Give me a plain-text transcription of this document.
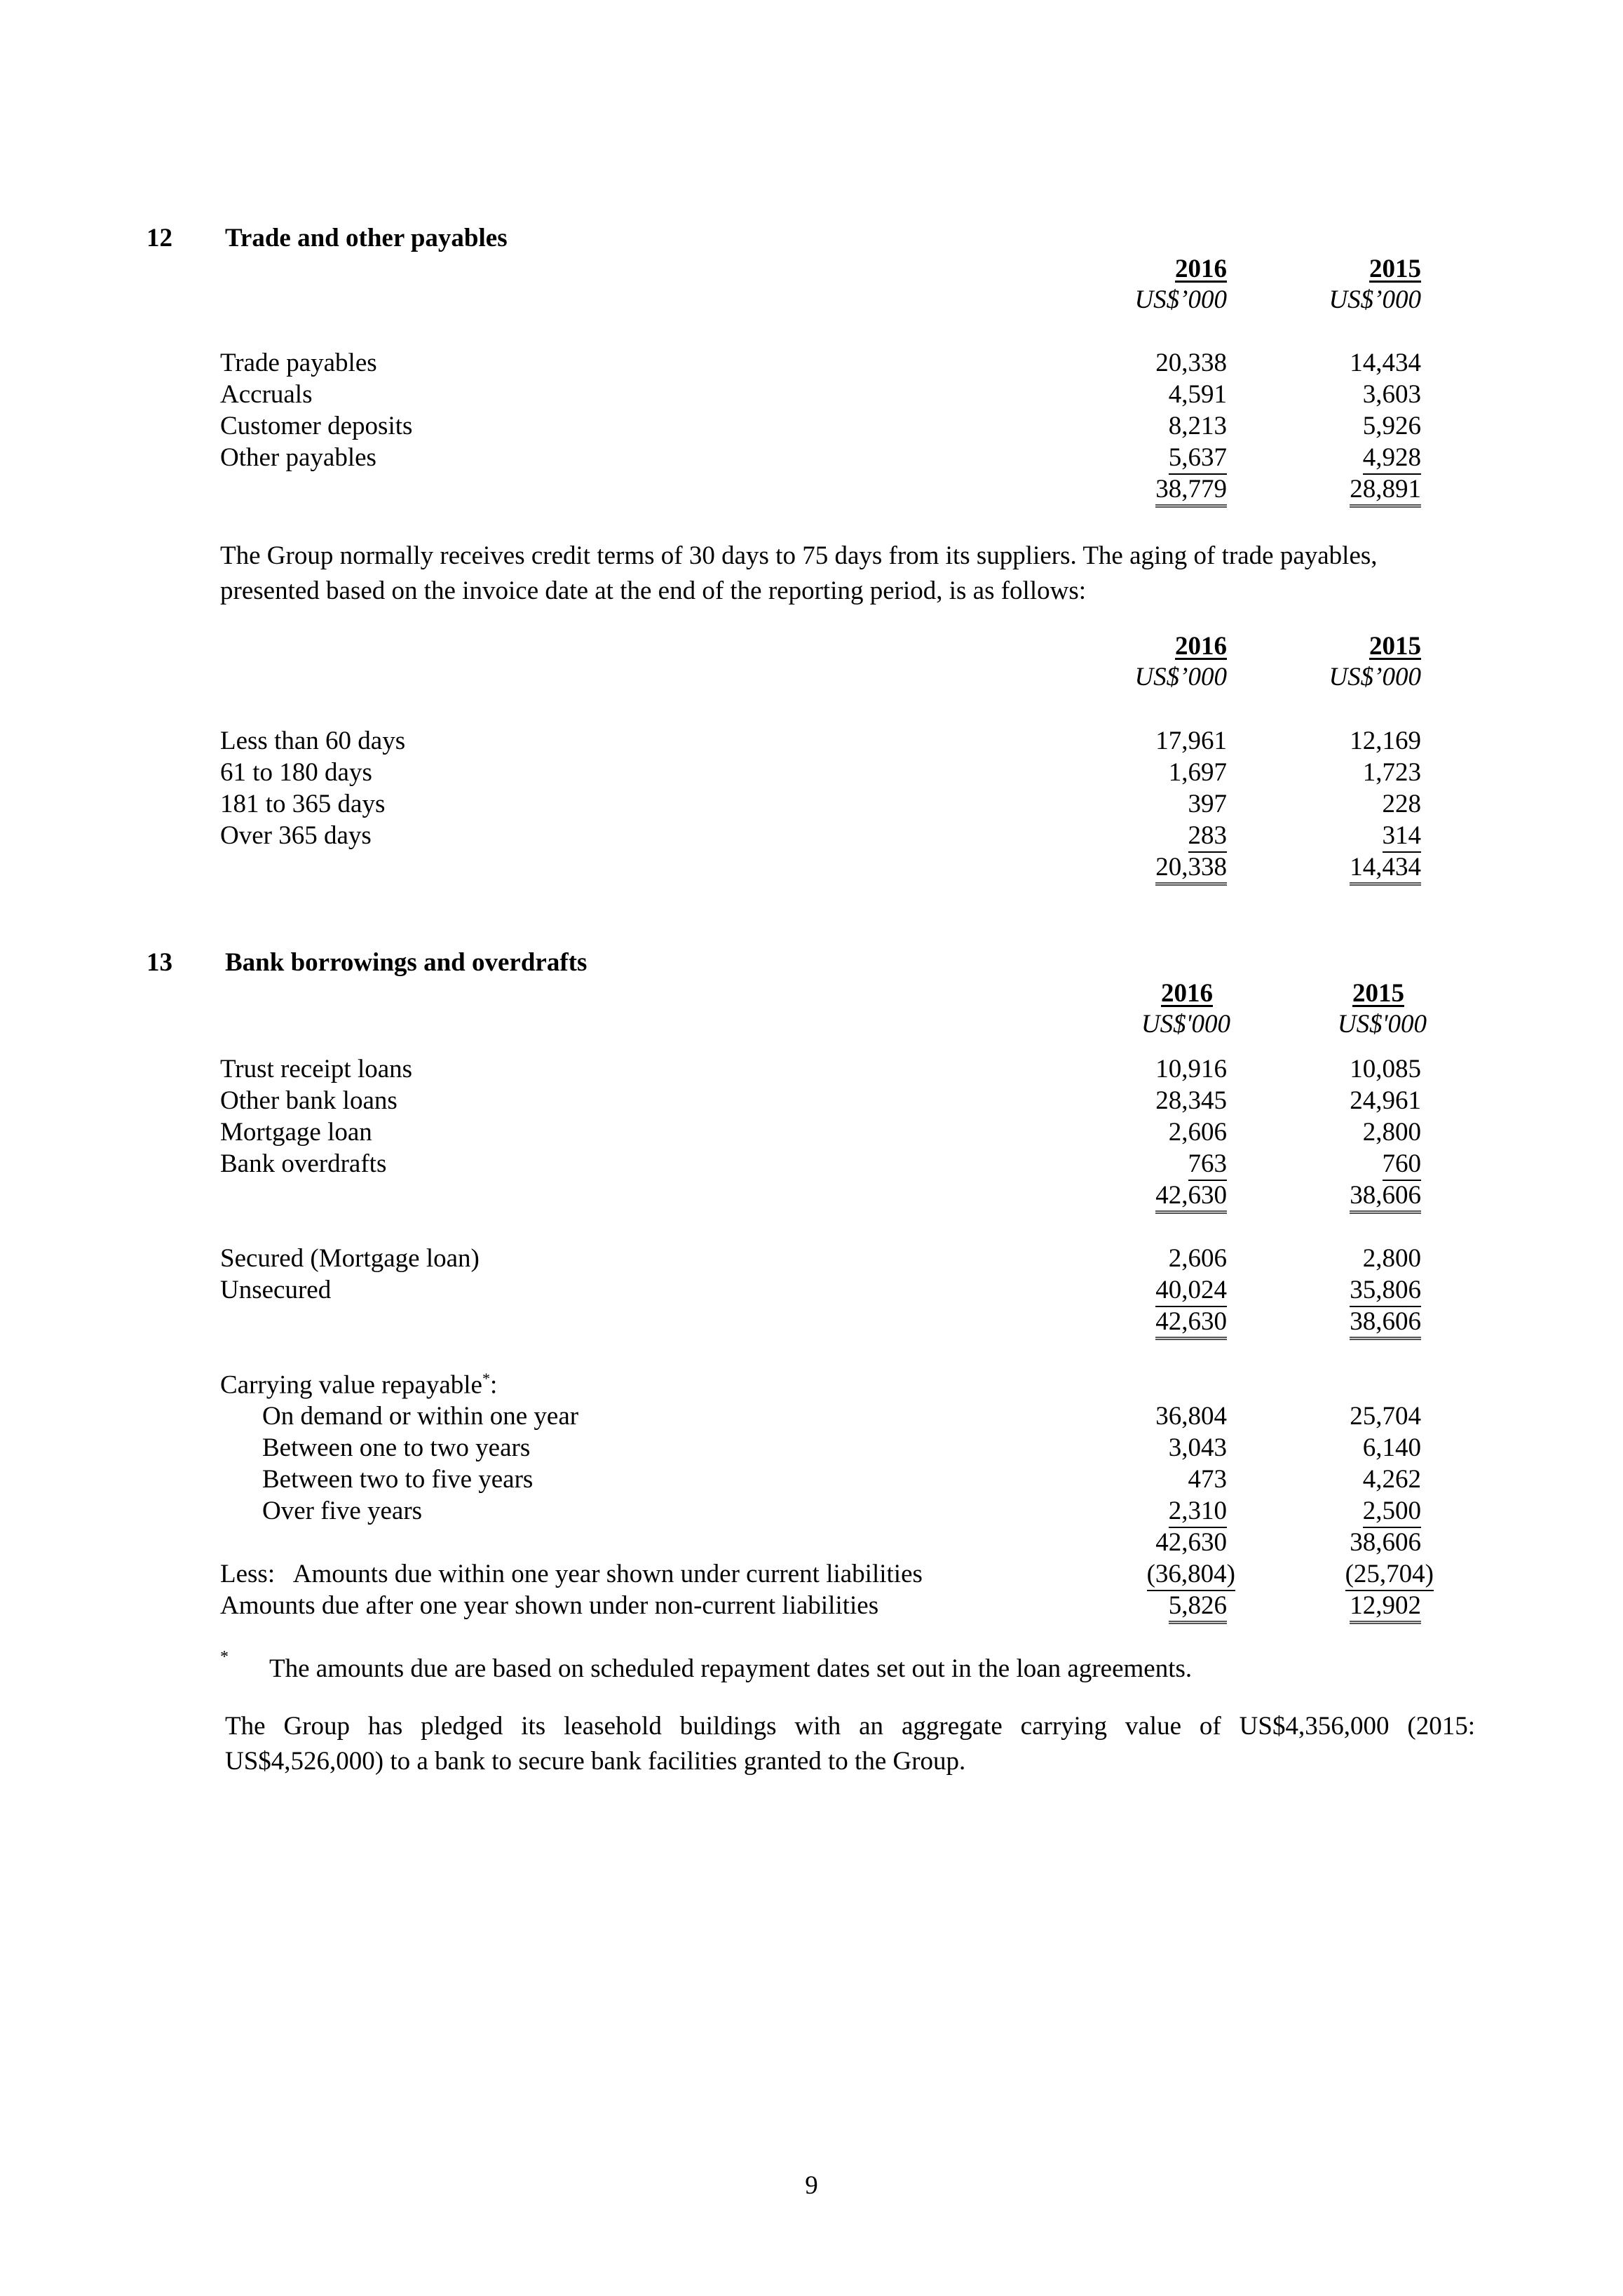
12 Trade and other payables
2016	2015
US$’000	US$’000
Trade payables	20,338	14,434
Accruals	4,591	3,603
Customer deposits	8,213	5,926
Other payables	5,637	4,928
38,779	28,891
The Group normally receives credit terms of 30 days to 75 days from its suppliers. The aging of trade payables, presented based on the invoice date at the end of the reporting period, is as follows:
2016	2015
US$’000	US$’000
Less than 60 days	17,961	12,169
61 to 180 days	1,697	1,723
181 to 365 days	397	228
Over 365 days	283	314
20,338	14,434
13 Bank borrowings and overdrafts
2016	2015
US$'000	US$'000
Trust receipt loans	10,916	10,085
Other bank loans	28,345	24,961
Mortgage loan	2,606	2,800
Bank overdrafts	763	760
42,630	38,606
Secured (Mortgage loan)	2,606	2,800
Unsecured	40,024	35,806
42,630	38,606
Carrying value repayable*:
On demand or within one year	36,804	25,704
Between one to two years	3,043	6,140
Between two to five years	473	4,262
Over five years	2,310	2,500
42,630	38,606
Less:   Amounts due within one year shown under current liabilities	(36,804)	(25,704)
Amounts due after one year shown under non-current liabilities	5,826	12,902
* The amounts due are based on scheduled repayment dates set out in the loan agreements.
The Group has pledged its leasehold buildings with an aggregate carrying value of US$4,356,000 (2015: US$4,526,000) to a bank to secure bank facilities granted to the Group.
9
